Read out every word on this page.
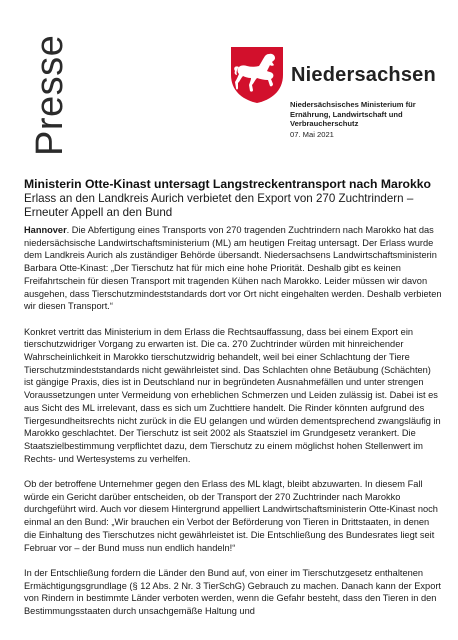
Presse	Niedersachsen
Niedersächsisches Ministerium für
Ernährung, Landwirtschaft und
Verbraucherschutz
07. Mai 2021
Ministerin Otte-Kinast untersagt Langstreckentransport nach Marokko
Erlass an den Landkreis Aurich verbietet den Export von 270 Zuchtrindern – Erneuter Appell an den Bund

Hannover. Die Abfertigung eines Transports von 270 tragenden Zuchtrindern nach Marokko hat das niedersächsische Landwirtschaftsministerium (ML) am heutigen Freitag untersagt. Der Erlass wurde dem Landkreis Aurich als zuständiger Behörde übersandt. Niedersachsens Landwirtschaftsministerin Barbara Otte-Kinast: „Der Tierschutz hat für mich eine hohe Priorität. Deshalb gibt es keinen Freifahrtschein für diesen Transport mit tragenden Kühen nach Marokko. Leider müssen wir davon ausgehen, dass Tierschutzmindeststandards dort vor Ort nicht eingehalten werden. Deshalb verbieten wir diesen Transport.“

Konkret vertritt das Ministerium in dem Erlass die Rechtsauffassung, dass bei einem Export ein tierschutzwidriger Vorgang zu erwarten ist. Die ca. 270 Zuchtrinder würden mit hinreichender Wahrscheinlichkeit in Marokko tierschutzwidrig behandelt, weil bei einer Schlachtung der Tiere Tierschutzmindeststandards nicht gewährleistet sind. Das Schlachten ohne Betäubung (Schächten) ist gängige Praxis, dies ist in Deutschland nur in begründeten Ausnahmefällen und unter strengen Voraussetzungen unter Vermeidung von erheblichen Schmerzen und Leiden zulässig ist. Dabei ist es aus Sicht des ML irrelevant, dass es sich um Zuchttiere handelt. Die Rinder könnten aufgrund des Tiergesundheitsrechts nicht zurück in die EU gelangen und würden dementsprechend zwangsläufig in Marokko geschlachtet. Der Tierschutz ist seit 2002 als Staatsziel im Grundgesetz verankert. Die Staatszielbestimmung verpflichtet dazu, dem Tierschutz zu einem möglichst hohen Stellenwert im Rechts- und Wertesystems zu verhelfen.

Ob der betroffene Unternehmer gegen den Erlass des ML klagt, bleibt abzuwarten. In diesem Fall würde ein Gericht darüber entscheiden, ob der Transport der 270 Zuchtrinder nach Marokko durchgeführt wird. Auch vor diesem Hintergrund appelliert Landwirtschaftsministerin Otte-Kinast noch einmal an den Bund: „Wir brauchen ein Verbot der Beförderung von Tieren in Drittstaaten, in denen die Einhaltung des Tierschutzes nicht gewährleistet ist. Die Entschließung des Bundesrates liegt seit Februar vor – der Bund muss nun endlich handeln!“

In der Entschließung fordern die Länder den Bund auf, von einer im Tierschutzgesetz enthaltenen Ermächtigungsgrundlage (§ 12 Abs. 2 Nr. 3 TierSchG) Gebrauch zu machen. Danach kann der Export von Rindern in bestimmte Länder verboten werden, wenn die Gefahr besteht, dass den Tieren in den Bestimmungsstaaten durch unsachgemäße Haltung und
